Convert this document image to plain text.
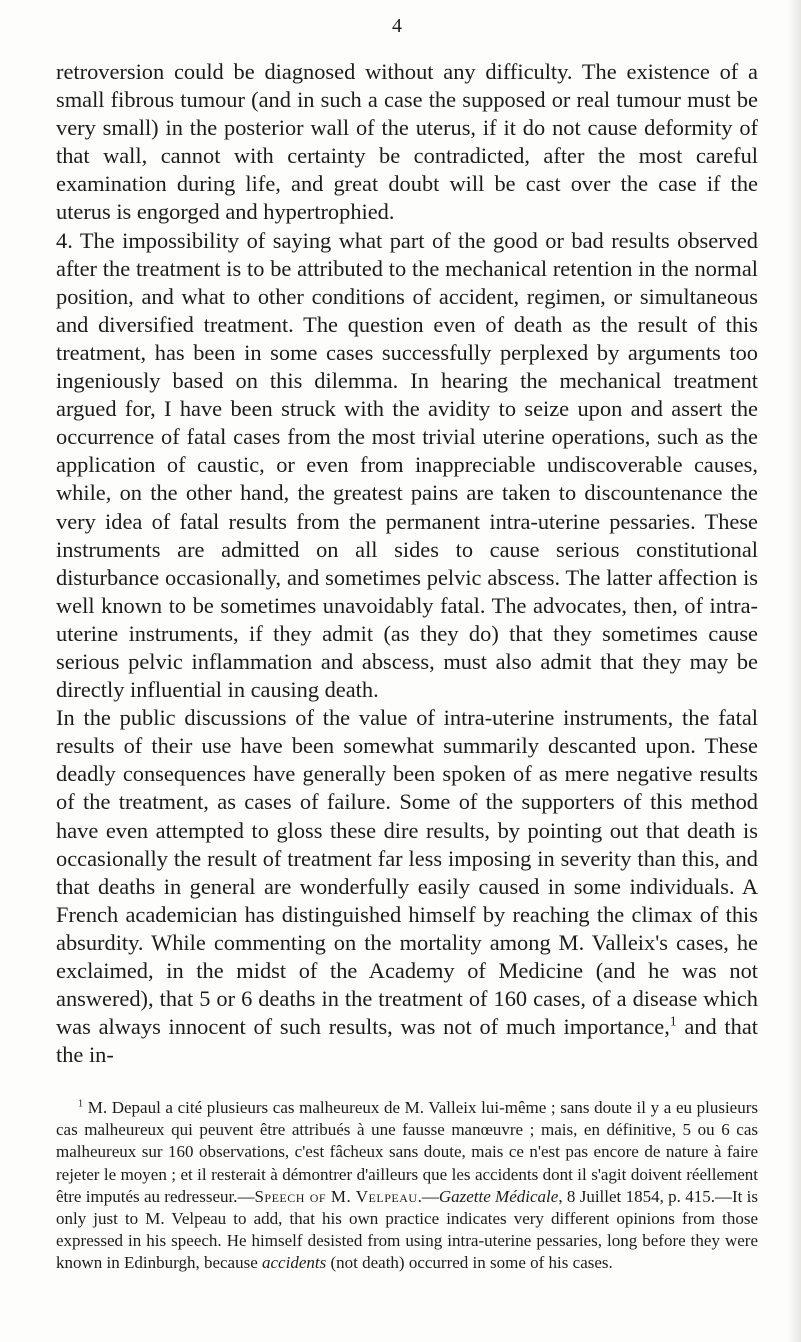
4

retroversion could be diagnosed without any difficulty. The existence of a small fibrous tumour (and in such a case the supposed or real tumour must be very small) in the posterior wall of the uterus, if it do not cause deformity of that wall, cannot with certainty be contradicted, after the most careful examination during life, and great doubt will be cast over the case if the uterus is engorged and hypertrophied.

4. The impossibility of saying what part of the good or bad results observed after the treatment is to be attributed to the mechanical retention in the normal position, and what to other conditions of accident, regimen, or simultaneous and diversified treatment. The question even of death as the result of this treatment, has been in some cases successfully perplexed by arguments too ingeniously based on this dilemma. In hearing the mechanical treatment argued for, I have been struck with the avidity to seize upon and assert the occurrence of fatal cases from the most trivial uterine operations, such as the application of caustic, or even from inappreciable undiscoverable causes, while, on the other hand, the greatest pains are taken to discountenance the very idea of fatal results from the permanent intra-uterine pessaries. These instruments are admitted on all sides to cause serious constitutional disturbance occasionally, and sometimes pelvic abscess. The latter affection is well known to be sometimes unavoidably fatal. The advocates, then, of intra-uterine instruments, if they admit (as they do) that they sometimes cause serious pelvic inflammation and abscess, must also admit that they may be directly influential in causing death.

In the public discussions of the value of intra-uterine instruments, the fatal results of their use have been somewhat summarily descanted upon. These deadly consequences have generally been spoken of as mere negative results of the treatment, as cases of failure. Some of the supporters of this method have even attempted to gloss these dire results, by pointing out that death is occasionally the result of treatment far less imposing in severity than this, and that deaths in general are wonderfully easily caused in some individuals. A French academician has distinguished himself by reaching the climax of this absurdity. While commenting on the mortality among M. Valleix's cases, he exclaimed, in the midst of the Academy of Medicine (and he was not answered), that 5 or 6 deaths in the treatment of 160 cases, of a disease which was always innocent of such results, was not of much importance,$^1$ and that the in-

$^1$ M. Depaul a cité plusieurs cas malheureux de M. Valleix lui-même ; sans doute il y a eu plusieurs cas malheureux qui peuvent être attribués à une fausse manœuvre ; mais, en définitive, 5 ou 6 cas malheureux sur 160 observations, c'est fâcheux sans doute, mais ce n'est pas encore de nature à faire rejeter le moyen ; et il resterait à démontrer d'ailleurs que les accidents dont il s'agit doivent réellement être imputés au redresseur.—Speech of M. Velpeau.—Gazette Médicale, 8 Juillet 1854, p. 415.—It is only just to M. Velpeau to add, that his own practice indicates very different opinions from those expressed in his speech. He himself desisted from using intra-uterine pessaries, long before they were known in Edinburgh, because accidents (not death) occurred in some of his cases.
